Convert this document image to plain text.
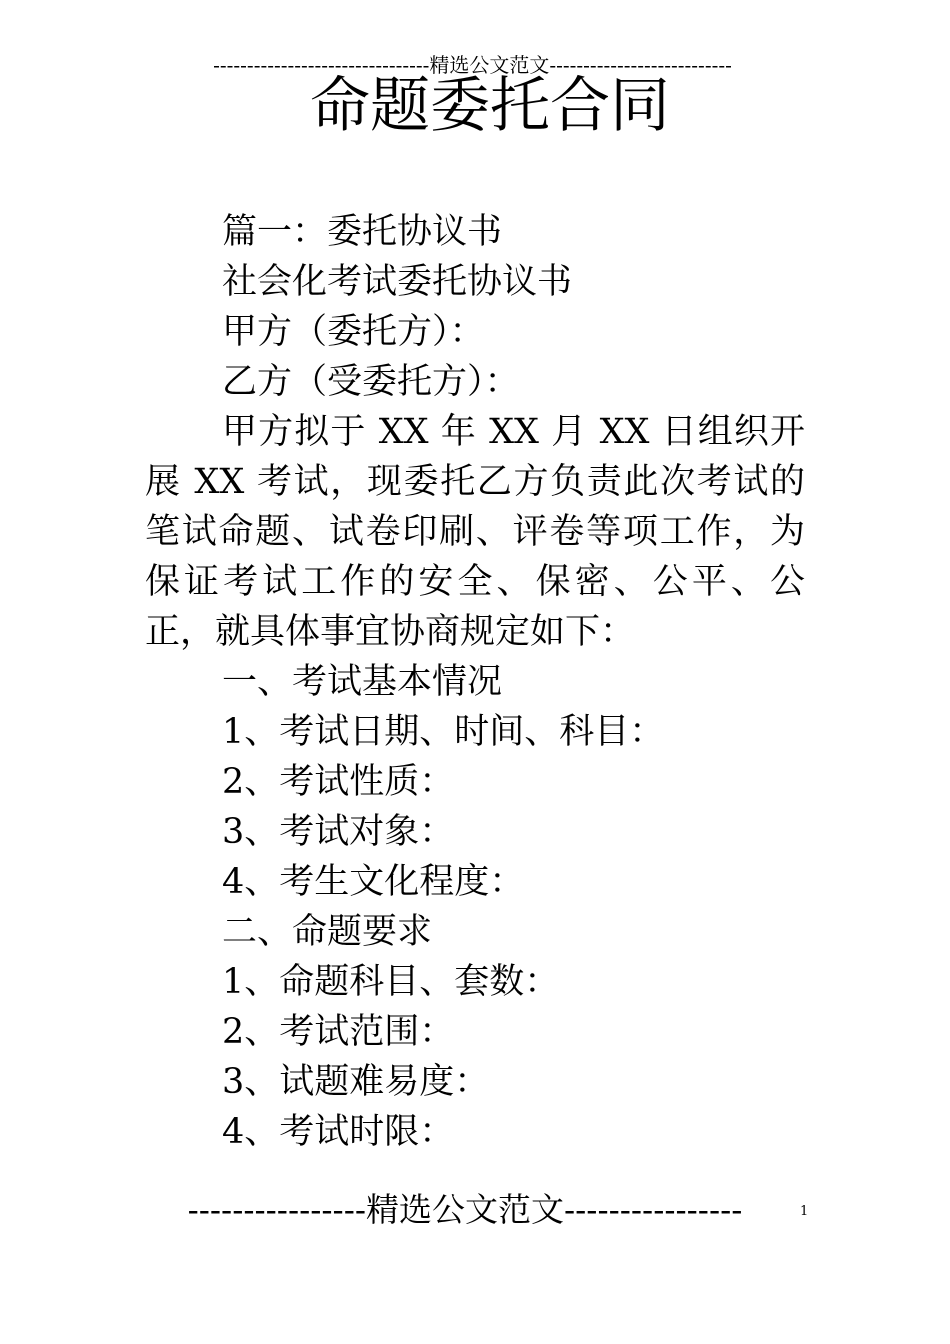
--------------------------------精选公文范文---------------------------
命题委托合同
篇一：委托协议书
社会化考试委托协议书
甲方（委托方）：
乙方（受委托方）：
甲方拟于 XX 年 XX 月 XX 日组织开展 XX 考试，现委托乙方负责此次考试的笔试命题、试卷印刷、评卷等项工作，为保证考试工作的安全、保密、公平、公正，就具体事宜协商规定如下：
一、考试基本情况
1、考试日期、时间、科目：
2、考试性质：
3、考试对象：
4、考生文化程度：
二、命题要求
1、命题科目、套数：
2、考试范围：
3、试题难易度：
4、考试时限：
----------------精选公文范文----------------	1
